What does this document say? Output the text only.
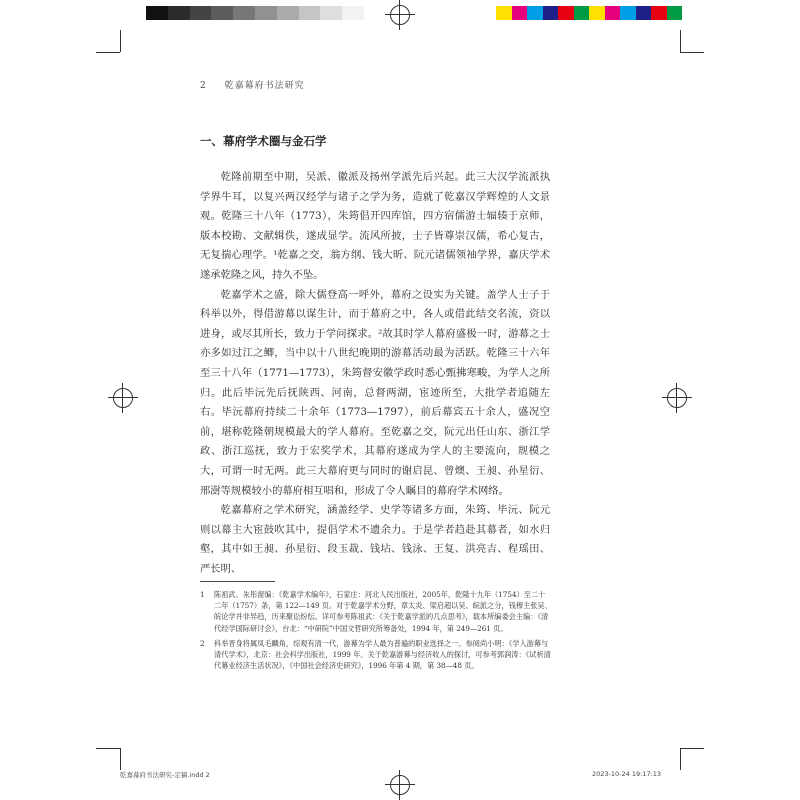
2 乾嘉幕府书法研究
一、幕府学术圈与金石学

乾隆前期至中期，吴派、徽派及扬州学派先后兴起。此三大汉学流派执学界牛耳，以复兴两汉经学与诸子之学为务，造就了乾嘉汉学辉煌的人文景观。乾隆三十八年（1773），朱筠倡开四库馆，四方宿儒游士辐辏于京师，版本校勘、文献辑佚，遂成显学。流风所披，士子皆尊崇汉儒，希心复古，无复揣心理学。¹乾嘉之交，翁方纲、钱大昕、阮元诸儒领袖学界，嘉庆学术遂承乾隆之风，持久不坠。

乾嘉学术之盛，除大儒登高一呼外，幕府之设实为关键。盖学人士子于科举以外，得借游幕以谋生计，而于幕府之中，各人或借此结交名流，资以进身，或尽其所长，致力于学问探求。²故其时学人幕府盛极一时，游幕之士亦多如过江之鲫，当中以十八世纪晚期的游幕活动最为活跃。乾隆三十六年至三十八年（1771—1773），朱筠督安徽学政时悉心甄拂寒畯，为学人之所归。此后毕沅先后抚陕西、河南，总督两湖，宦迹所至，大批学者追随左右。毕沅幕府持续二十余年（1773—1797），前后幕宾五十余人，盛况空前，堪称乾隆朝规模最大的学人幕府。至乾嘉之交，阮元出任山东、浙江学政、浙江巡抚，致力于宏奖学术，其幕府遂成为学人的主要流向，规模之大，可谓一时无两。此三大幕府更与同时的谢启昆、曾燠、王昶、孙星衍、邢澍等规模较小的幕府相互唱和，形成了令人瞩目的幕府学术网络。

乾嘉幕府之学术研究，涵盖经学、史学等诸多方面，朱筠、毕沅、阮元则以幕主大宦鼓吹其中，提倡学术不遗余力。于是学者趋赴其幕者，如水归壑，其中如王昶、孙星衍、段玉裁、钱坫、钱泳、王复、洪亮吉、程瑶田、严长明、

1	陈祖武、朱彤窗编：《乾嘉学术编年》，石家庄：河北人民出版社，2005年，乾隆十九年（1754）至二十二年（1757）条，第 122—149 页。对于乾嘉学术分野，章太炎、梁启超以吴、皖派之分，钱穆主张吴、皖论学并非异趋，历来聚讼纷纭。详可参考陈祖武：《关于乾嘉学派的几点思考》，载本所编委会主编：《清代经学国际研讨会》，台北：“中研院”中国文哲研究所筹备处，1994 年，第 249—261 页。
2	科举晋身将属凤毛麟角，综观有清一代，游幕为学人最为普遍的职业选择之一。参阅尚小明：《学人游幕与清代学术》，北京：社会科学出版社，1999 年。关于乾嘉游幕与经济收入的探讨，可参考郭润涛：《试析清代幕业经济生活状况》，《中国社会经济史研究》，1996 年第 4 期，第 38—48 页。
乾嘉幕府书法研究-定稿.indd 2	2023-10-24 19:17:13
